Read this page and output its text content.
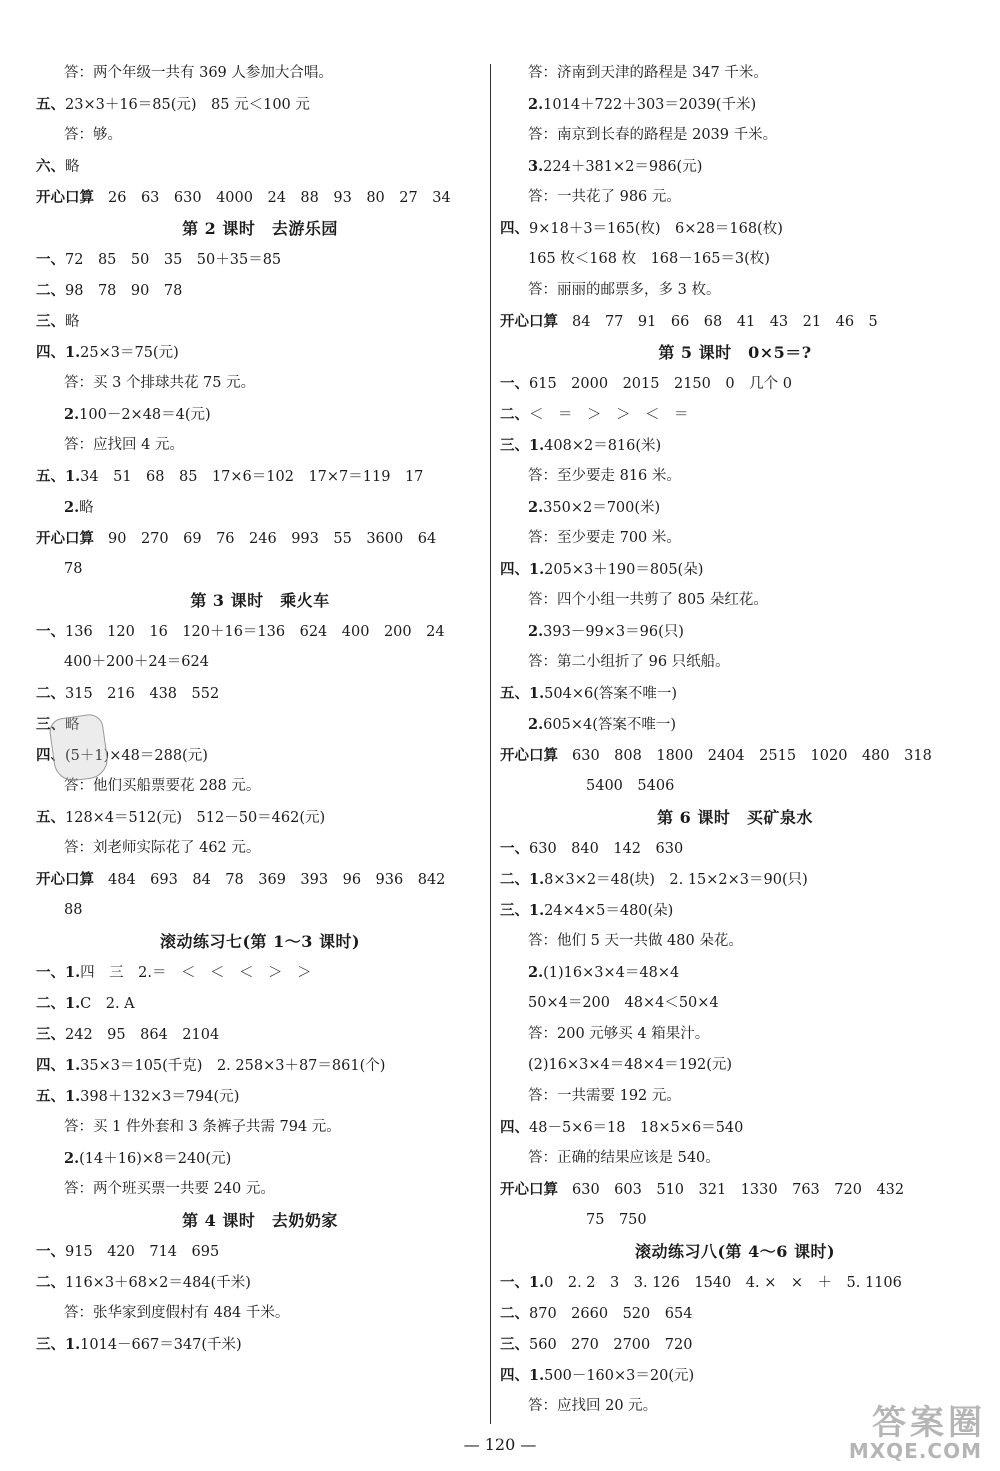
答：两个年级一共有 369 人参加大合唱。
五、23×3＋16＝85(元)　85 元＜100 元
答：够。
六、略
开心口算 26　63　630　4000　24　88　93　80　27　34
第 2 课时　去游乐园
一、72　85　50　35　50＋35＝85
二、98　78　90　78
三、略
四、1.25×3＝75(元)
答：买 3 个排球共花 75 元。
2.100－2×48＝4(元)
答：应找回 4 元。
五、1.34　51　68　85　17×6＝102　17×7＝119　17
2.略
开心口算 90　270　69　76　246　993　55　3600　64
78
第 3 课时　乘火车
一、136　120　16　120＋16＝136　624　400　200　24
400＋200＋24＝624
二、315　216　438　552
三、略
四、(5＋1)×48＝288(元)
答：他们买船票要花 288 元。
五、128×4＝512(元)　512－50＝462(元)
答：刘老师实际花了 462 元。
开心口算 484　693　84　78　369　393　96　936　842
88
滚动练习七(第 1～3 课时)
一、1.四　三　2.＝　＜　＜　＜　＞　＞
二、1.C　2. A
三、242　95　864　2104
四、1.35×3＝105(千克)　2. 258×3＋87＝861(个)
五、1.398＋132×3＝794(元)
答：买 1 件外套和 3 条裤子共需 794 元。
2.(14＋16)×8＝240(元)
答：两个班买票一共要 240 元。
第 4 课时　去奶奶家
一、915　420　714　695
二、116×3＋68×2＝484(千米)
答：张华家到度假村有 484 千米。
三、1.1014－667＝347(千米)
答：济南到天津的路程是 347 千米。
2.1014＋722＋303＝2039(千米)
答：南京到长春的路程是 2039 千米。
3.224＋381×2＝986(元)
答：一共花了 986 元。
四、9×18＋3＝165(枚)　6×28＝168(枚)
165 枚＜168 枚　168－165＝3(枚)
答：丽丽的邮票多，多 3 枚。
开心口算 84　77　91　66　68　41　43　21　46　5
第 5 课时　0×5＝?
一、615　2000　2015　2150　0　几个 0
二、＜　＝　＞　＞　＜　＝
三、1.408×2＝816(米)
答：至少要走 816 米。
2.350×2＝700(米)
答：至少要走 700 米。
四、1.205×3＋190＝805(朵)
答：四个小组一共剪了 805 朵红花。
2.393－99×3＝96(只)
答：第二小组折了 96 只纸船。
五、1.504×6(答案不唯一)
2.605×4(答案不唯一)
开心口算 630　808　1800　2404　2515　1020　480　318
5400　5406
第 6 课时　买矿泉水
一、630　840　142　630
二、1.8×3×2＝48(块)　2. 15×2×3＝90(只)
三、1.24×4×5＝480(朵)
答：他们 5 天一共做 480 朵花。
2.(1)16×3×4＝48×4
50×4＝200　48×4＜50×4
答：200 元够买 4 箱果汁。
(2)16×3×4＝48×4＝192(元)
答：一共需要 192 元。
四、48－5×6＝18　18×5×6＝540
答：正确的结果应该是 540。
开心口算 630　603　510　321　1330　763　720　432
75　750
滚动练习八(第 4～6 课时)
一、1.0　2. 2　3　3. 126　1540　4. ×　×　＋　5. 1106
二、870　2660　520　654
三、560　270　2700　720
四、1.500－160×3＝20(元)
答：应找回 20 元。
— 120 —
答案圈
MXQE.COM
